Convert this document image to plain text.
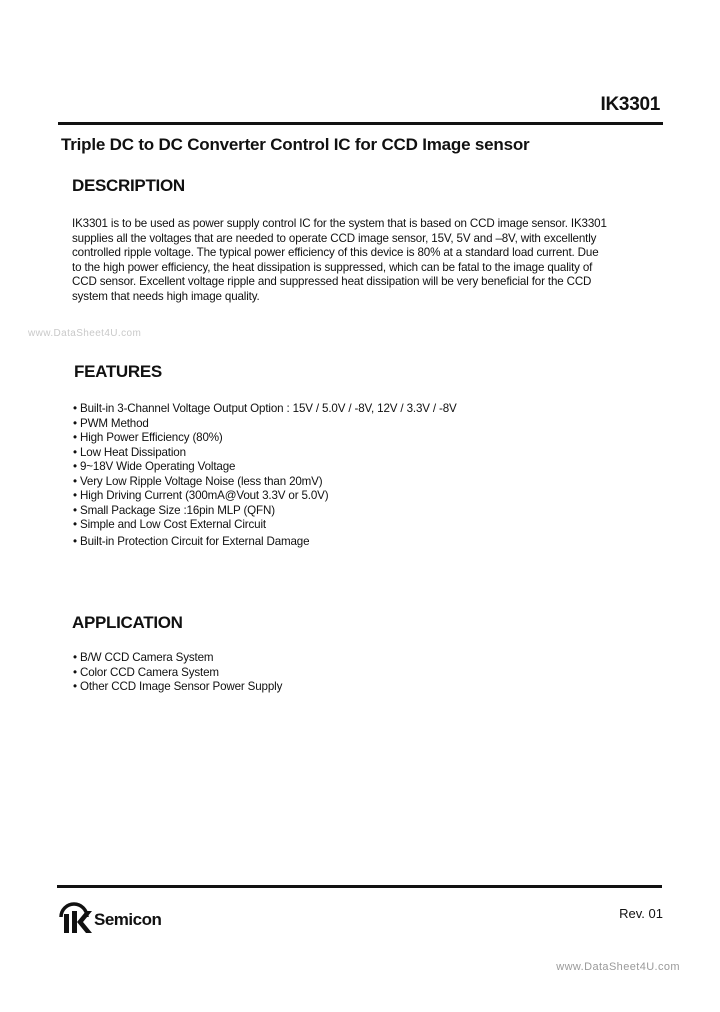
IK3301
Triple DC to DC Converter Control IC for CCD Image sensor
DESCRIPTION

IK3301 is to be used as power supply control IC for the system that is based on CCD image sensor. IK3301

supplies all the voltages that are needed to operate CCD image sensor, 15V, 5V and –8V, with excellently

controlled ripple voltage. The typical power efficiency of this device is 80% at a standard load current. Due

to the high power efficiency, the heat dissipation is suppressed, which can be fatal to the image quality of

CCD sensor. Excellent voltage ripple and suppressed heat dissipation will be very beneficial for the CCD

system that needs high image quality.

www.DataSheet4U.com
FEATURES
• Built-in 3-Channel Voltage Output Option : 15V / 5.0V / -8V, 12V / 3.3V / -8V
• PWM Method
• High Power Efficiency (80%)
• Low Heat Dissipation
• 9~18V Wide Operating Voltage
• Very Low Ripple Voltage Noise (less than 20mV)
• High Driving Current (300mA@Vout 3.3V or 5.0V)
• Small Package Size :16pin MLP (QFN)
• Simple and Low Cost External Circuit
• Built-in Protection Circuit for External Damage
APPLICATION
• B/W CCD Camera System
• Color CCD Camera System
• Other CCD Image Sensor Power Supply
Semicon	Rev. 01
www.DataSheet4U.com
